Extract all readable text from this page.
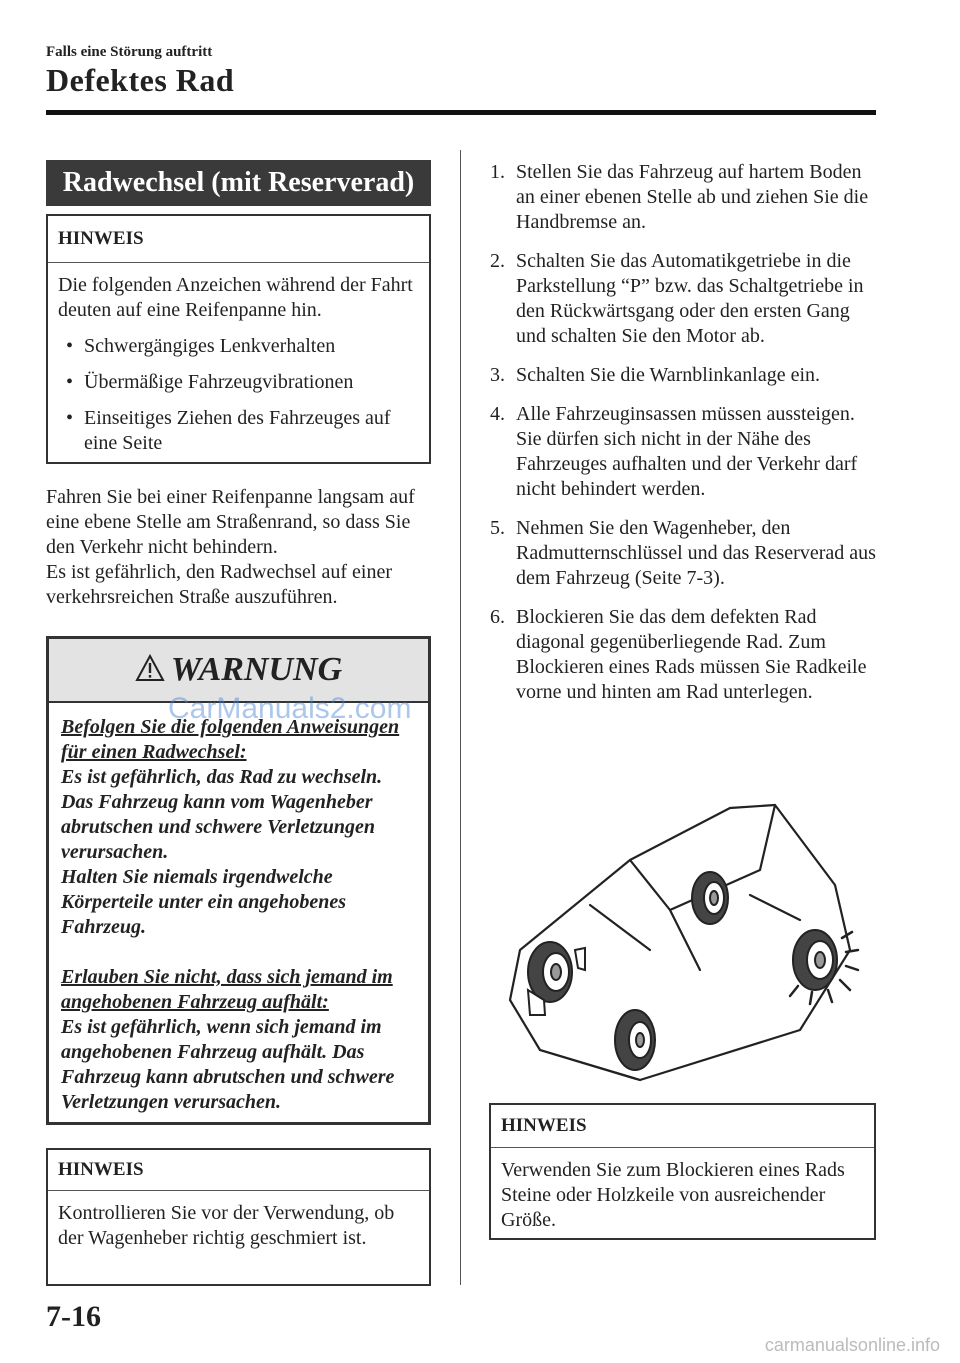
Falls eine Störung auftritt
Defektes Rad
Radwechsel (mit Reserverad)
HINWEIS
Die folgenden Anzeichen während der Fahrt deuten auf eine Reifenpanne hin.
• Schwergängiges Lenkverhalten
• Übermäßige Fahrzeugvibrationen
• Einseitiges Ziehen des Fahrzeuges auf eine Seite
Fahren Sie bei einer Reifenpanne langsam auf eine ebene Stelle am Straßenrand, so dass Sie den Verkehr nicht behindern.
Es ist gefährlich, den Radwechsel auf einer verkehrsreichen Straße auszuführen.
WARNUNG
Befolgen Sie die folgenden Anweisungen für einen Radwechsel:
Es ist gefährlich, das Rad zu wechseln. Das Fahrzeug kann vom Wagenheber abrutschen und schwere Verletzungen verursachen.
Halten Sie niemals irgendwelche Körperteile unter ein angehobenes Fahrzeug.
Erlauben Sie nicht, dass sich jemand im angehobenen Fahrzeug aufhält:
Es ist gefährlich, wenn sich jemand im angehobenen Fahrzeug aufhält. Das Fahrzeug kann abrutschen und schwere Verletzungen verursachen.
CarManuals2.com
HINWEIS
Kontrollieren Sie vor der Verwendung, ob der Wagenheber richtig geschmiert ist.
1. Stellen Sie das Fahrzeug auf hartem Boden an einer ebenen Stelle ab und ziehen Sie die Handbremse an.
2. Schalten Sie das Automatikgetriebe in die Parkstellung “P” bzw. das Schaltgetriebe in den Rückwärtsgang oder den ersten Gang und schalten Sie den Motor ab.
3. Schalten Sie die Warnblinkanlage ein.
4. Alle Fahrzeuginsassen müssen aussteigen. Sie dürfen sich nicht in der Nähe des Fahrzeuges aufhalten und der Verkehr darf nicht behindert werden.
5. Nehmen Sie den Wagenheber, den Radmutternschlüssel und das Reserverad aus dem Fahrzeug (Seite 7-3).
6. Blockieren Sie das dem defekten Rad diagonal gegenüberliegende Rad. Zum Blockieren eines Rads müssen Sie Radkeile vorne und hinten am Rad unterlegen.
HINWEIS
Verwenden Sie zum Blockieren eines Rads Steine oder Holzkeile von ausreichender Größe.
7-16
carmanualsonline.info
